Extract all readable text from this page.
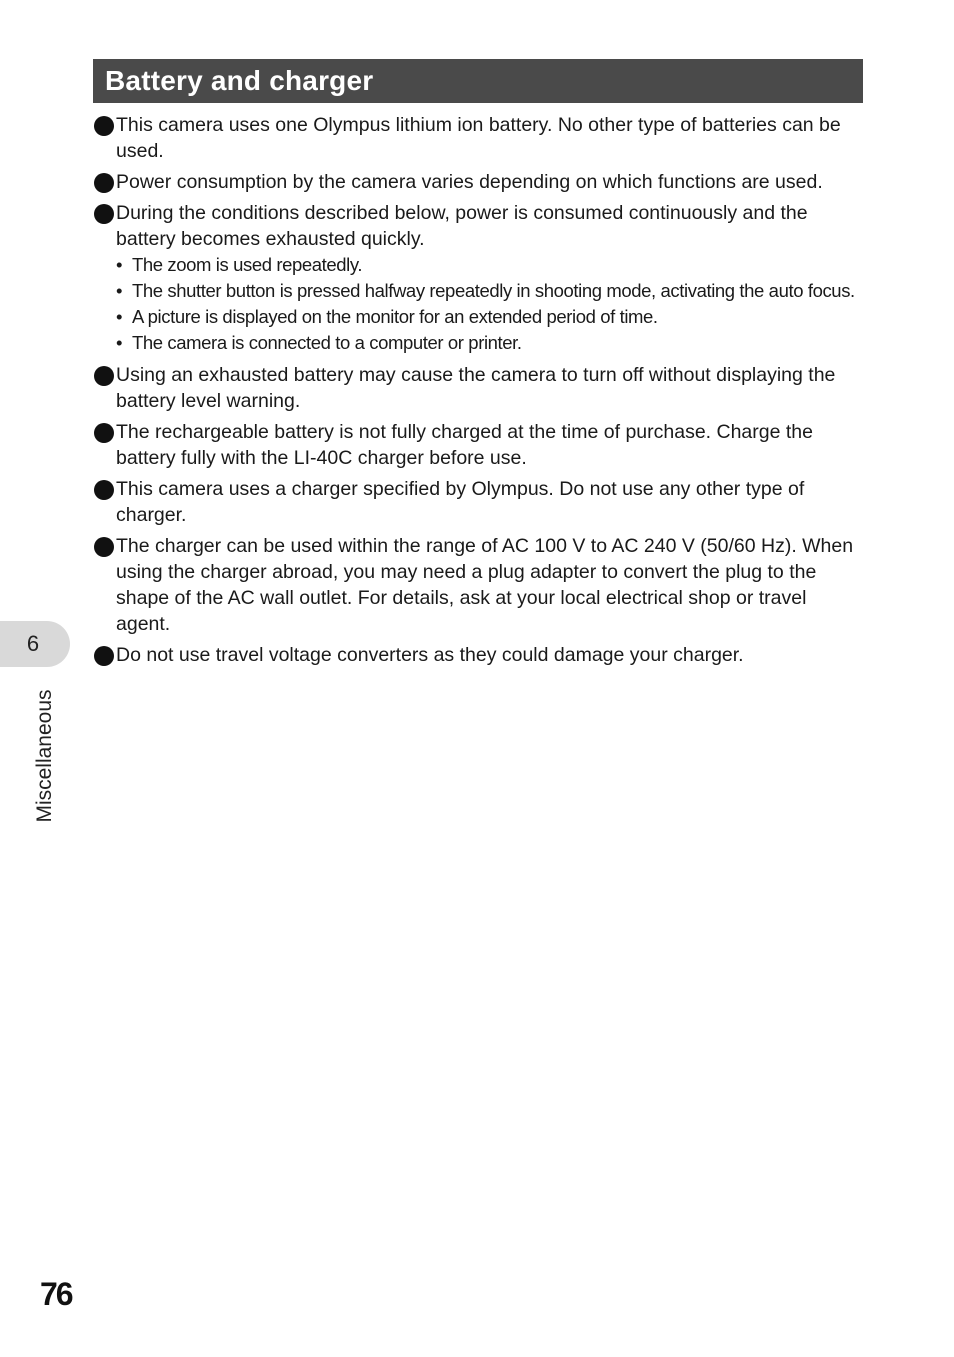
Battery and charger
This camera uses one Olympus lithium ion battery. No other type of batteries can be used.
Power consumption by the camera varies depending on which functions are used.
During the conditions described below, power is consumed continuously and the battery becomes exhausted quickly.
• The zoom is used repeatedly.
• The shutter button is pressed halfway repeatedly in shooting mode, activating the auto focus.
• A picture is displayed on the monitor for an extended period of time.
• The camera is connected to a computer or printer.
Using an exhausted battery may cause the camera to turn off without displaying the battery level warning.
The rechargeable battery is not fully charged at the time of purchase. Charge the battery fully with the LI-40C charger before use.
This camera uses a charger specified by Olympus. Do not use any other type of charger.
The charger can be used within the range of AC 100 V to AC 240 V (50/60 Hz). When using the charger abroad, you may need a plug adapter to convert the plug to the shape of the AC wall outlet. For details, ask at your local electrical shop or travel agent.
Do not use travel voltage converters as they could damage your charger.
6
Miscellaneous
76
